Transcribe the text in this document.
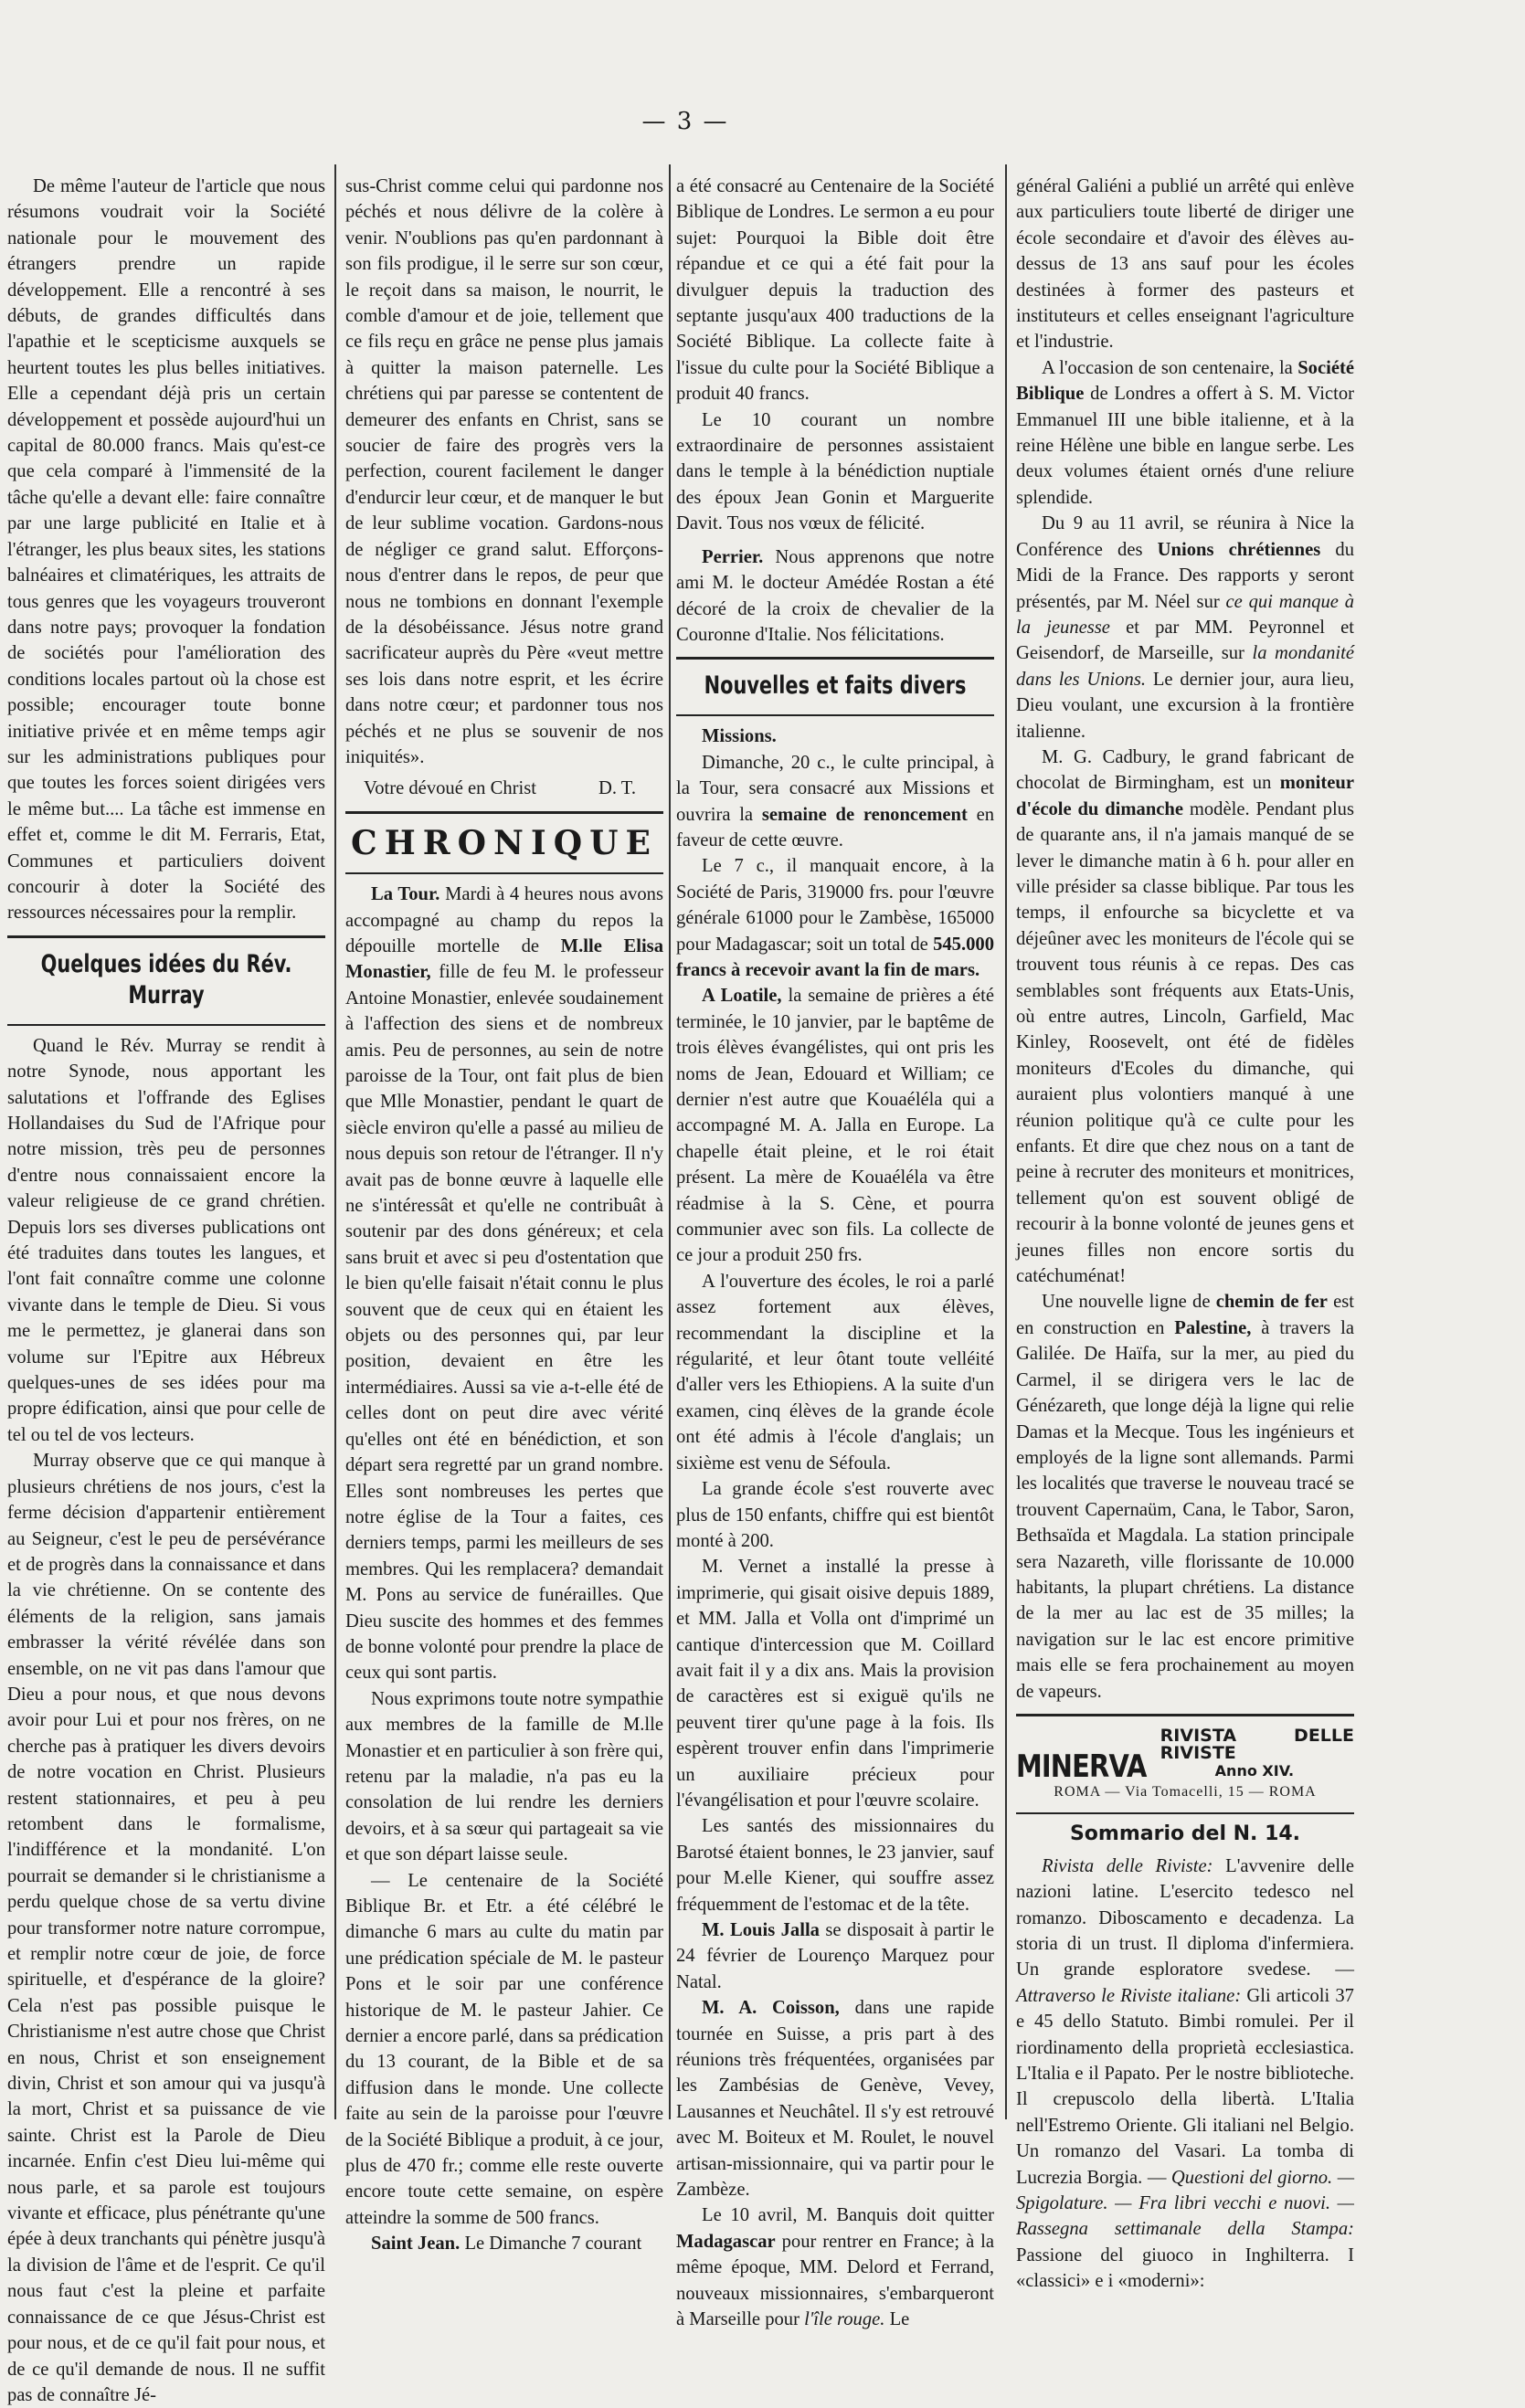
— 3 —

De même l'auteur de l'article que nous résumons voudrait voir la Société nationale pour le mouvement des étrangers prendre un rapide développement. Elle a rencontré à ses débuts, de grandes difficultés dans l'apathie et le scepticisme auxquels se heurtent toutes les plus belles initiatives. Elle a cependant déjà pris un certain développement et possède aujourd'hui un capital de 80.000 francs. Mais qu'est-ce que cela comparé à l'immensité de la tâche qu'elle a devant elle: faire connaître par une large publicité en Italie et à l'étranger, les plus beaux sites, les stations balnéaires et climatériques, les attraits de tous genres que les voyageurs trouveront dans notre pays; provoquer la fondation de sociétés pour l'amélioration des conditions locales partout où la chose est possible; encourager toute bonne initiative privée et en même temps agir sur les administrations publiques pour que toutes les forces soient dirigées vers le même but.... La tâche est immense en effet et, comme le dit M. Ferraris, Etat, Communes et particuliers doivent concourir à doter la Société des ressources nécessaires pour la remplir.

Quelques idées du Rév. Murray

Quand le Rév. Murray se rendit à notre Synode, nous apportant les salutations et l'offrande des Eglises Hollandaises du Sud de l'Afrique pour notre mission, très peu de personnes d'entre nous connaissaient encore la valeur religieuse de ce grand chrétien. Depuis lors ses diverses publications ont été traduites dans toutes les langues, et l'ont fait connaître comme une colonne vivante dans le temple de Dieu. Si vous me le permettez, je glanerai dans son volume sur l'Epitre aux Hébreux quelques-unes de ses idées pour ma propre édification, ainsi que pour celle de tel ou tel de vos lecteurs.

Murray observe que ce qui manque à plusieurs chrétiens de nos jours, c'est la ferme décision d'appartenir entièrement au Seigneur, c'est le peu de persévérance et de progrès dans la connaissance et dans la vie chrétienne. On se contente des éléments de la religion, sans jamais embrasser la vérité révélée dans son ensemble, on ne vit pas dans l'amour que Dieu a pour nous, et que nous devons avoir pour Lui et pour nos frères, on ne cherche pas à pratiquer les divers devoirs de notre vocation en Christ. Plusieurs restent stationnaires, et peu à peu retombent dans le formalisme, l'indifférence et la mondanité. L'on pourrait se demander si le christianisme a perdu quelque chose de sa vertu divine pour transformer notre nature corrompue, et remplir notre cœur de joie, de force spirituelle, et d'espérance de la gloire? Cela n'est pas possible puisque le Christianisme n'est autre chose que Christ en nous, Christ et son enseignement divin, Christ et son amour qui va jusqu'à la mort, Christ et sa puissance de vie sainte. Christ est la Parole de Dieu incarnée. Enfin c'est Dieu lui-même qui nous parle, et sa parole est toujours vivante et efficace, plus pénétrante qu'une épée à deux tranchants qui pénètre jusqu'à la division de l'âme et de l'esprit. Ce qu'il nous faut c'est la pleine et parfaite connaissance de ce que Jésus-Christ est pour nous, et de ce qu'il fait pour nous, et de ce qu'il demande de nous. Il ne suffit pas de connaître Jé-

sus-Christ comme celui qui pardonne nos péchés et nous délivre de la colère à venir. N'oublions pas qu'en pardonnant à son fils prodigue, il le serre sur son cœur, le reçoit dans sa maison, le nourrit, le comble d'amour et de joie, tellement que ce fils reçu en grâce ne pense plus jamais à quitter la maison paternelle. Les chrétiens qui par paresse se contentent de demeurer des enfants en Christ, sans se soucier de faire des progrès vers la perfection, courent facilement le danger d'endurcir leur cœur, et de manquer le but de leur sublime vocation. Gardons-nous de négliger ce grand salut. Efforçons-nous d'entrer dans le repos, de peur que nous ne tombions en donnant l'exemple de la désobéissance. Jésus notre grand sacrificateur auprès du Père «veut mettre ses lois dans notre esprit, et les écrire dans notre cœur; et pardonner tous nos péchés et ne plus se souvenir de nos iniquités».

Votre dévoué en Christ	D. T.
CHRONIQUE

La Tour. Mardi à 4 heures nous avons accompagné au champ du repos la dépouille mortelle de M.lle Elisa Monastier, fille de feu M. le professeur Antoine Monastier, enlevée soudainement à l'affection des siens et de nombreux amis. Peu de personnes, au sein de notre paroisse de la Tour, ont fait plus de bien que Mlle Monastier, pendant le quart de siècle environ qu'elle a passé au milieu de nous depuis son retour de l'étranger. Il n'y avait pas de bonne œuvre à laquelle elle ne s'intéressât et qu'elle ne contribuât à soutenir par des dons généreux; et cela sans bruit et avec si peu d'ostentation que le bien qu'elle faisait n'était connu le plus souvent que de ceux qui en étaient les objets ou des personnes qui, par leur position, devaient en être les intermédiaires. Aussi sa vie a-t-elle été de celles dont on peut dire avec vérité qu'elles ont été en bénédiction, et son départ sera regretté par un grand nombre. Elles sont nombreuses les pertes que notre église de la Tour a faites, ces derniers temps, parmi les meilleurs de ses membres. Qui les remplacera? demandait M. Pons au service de funérailles. Que Dieu suscite des hommes et des femmes de bonne volonté pour prendre la place de ceux qui sont partis.

Nous exprimons toute notre sympathie aux membres de la famille de M.lle Monastier et en particulier à son frère qui, retenu par la maladie, n'a pas eu la consolation de lui rendre les derniers devoirs, et à sa sœur qui partageait sa vie et que son départ laisse seule.

— Le centenaire de la Société Biblique Br. et Etr. a été célébré le dimanche 6 mars au culte du matin par une prédication spéciale de M. le pasteur Pons et le soir par une conférence historique de M. le pasteur Jahier. Ce dernier a encore parlé, dans sa prédication du 13 courant, de la Bible et de sa diffusion dans le monde. Une collecte faite au sein de la paroisse pour l'œuvre de la Société Biblique a produit, à ce jour, plus de 470 fr.; comme elle reste ouverte encore toute cette semaine, on espère atteindre la somme de 500 francs.

Saint Jean. Le Dimanche 7 courant

a été consacré au Centenaire de la Société Biblique de Londres. Le sermon a eu pour sujet: Pourquoi la Bible doit être répandue et ce qui a été fait pour la divulguer depuis la traduction des septante jusqu'aux 400 traductions de la Société Biblique. La collecte faite à l'issue du culte pour la Société Biblique a produit 40 francs.

Le 10 courant un nombre extraordinaire de personnes assistaient dans le temple à la bénédiction nuptiale des époux Jean Gonin et Marguerite Davit. Tous nos vœux de félicité.

Perrier. Nous apprenons que notre ami M. le docteur Amédée Rostan a été décoré de la croix de chevalier de la Couronne d'Italie. Nos félicitations.

Nouvelles et faits divers

Missions.

Dimanche, 20 c., le culte principal, à la Tour, sera consacré aux Missions et ouvrira la semaine de renoncement en faveur de cette œuvre.

Le 7 c., il manquait encore, à la Société de Paris, 319000 frs. pour l'œuvre générale 61000 pour le Zambèse, 165000 pour Madagascar; soit un total de 545.000 francs à recevoir avant la fin de mars.

A Loatile, la semaine de prières a été terminée, le 10 janvier, par le baptême de trois élèves évangélistes, qui ont pris les noms de Jean, Edouard et William; ce dernier n'est autre que Kouaéléla qui a accompagné M. A. Jalla en Europe. La chapelle était pleine, et le roi était présent. La mère de Kouaéléla va être réadmise à la S. Cène, et pourra communier avec son fils. La collecte de ce jour a produit 250 frs.

A l'ouverture des écoles, le roi a parlé assez fortement aux élèves, recommendant la discipline et la régularité, et leur ôtant toute velléité d'aller vers les Ethiopiens. A la suite d'un examen, cinq élèves de la grande école ont été admis à l'école d'anglais; un sixième est venu de Séfoula.

La grande école s'est rouverte avec plus de 150 enfants, chiffre qui est bientôt monté à 200.

M. Vernet a installé la presse à imprimerie, qui gisait oisive depuis 1889, et MM. Jalla et Volla ont d'imprimé un cantique d'intercession que M. Coillard avait fait il y a dix ans. Mais la provision de caractères est si exiguë qu'ils ne peuvent tirer qu'une page à la fois. Ils espèrent trouver enfin dans l'imprimerie un auxiliaire précieux pour l'évangélisation et pour l'œuvre scolaire.

Les santés des missionnaires du Barotsé étaient bonnes, le 23 janvier, sauf pour M.elle Kiener, qui souffre assez fréquemment de l'estomac et de la tête.

M. Louis Jalla se disposait à partir le 24 février de Lourenço Marquez pour Natal.

M. A. Coisson, dans une rapide tournée en Suisse, a pris part à des réunions très fréquentées, organisées par les Zambésias de Genève, Vevey, Lausannes et Neuchâtel. Il s'y est retrouvé avec M. Boiteux et M. Roulet, le nouvel artisan-missionnaire, qui va partir pour le Zambèze.

Le 10 avril, M. Banquis doit quitter Madagascar pour rentrer en France; à la même époque, MM. Delord et Ferrand, nouveaux missionnaires, s'embarqueront à Marseille pour l'île rouge. Le

général Galiéni a publié un arrêté qui enlève aux particuliers toute liberté de diriger une école secondaire et d'avoir des élèves au-dessus de 13 ans sauf pour les écoles destinées à former des pasteurs et instituteurs et celles enseignant l'agriculture et l'industrie.

A l'occasion de son centenaire, la Société Biblique de Londres a offert à S. M. Victor Emmanuel III une bible italienne, et à la reine Hélène une bible en langue serbe. Les deux volumes étaient ornés d'une reliure splendide.

Du 9 au 11 avril, se réunira à Nice la Conférence des Unions chrétiennes du Midi de la France. Des rapports y seront présentés, par M. Néel sur ce qui manque à la jeunesse et par MM. Peyronnel et Geisendorf, de Marseille, sur la mondanité dans les Unions. Le dernier jour, aura lieu, Dieu voulant, une excursion à la frontière italienne.

M. G. Cadbury, le grand fabricant de chocolat de Birmingham, est un moniteur d'école du dimanche modèle. Pendant plus de quarante ans, il n'a jamais manqué de se lever le dimanche matin à 6 h. pour aller en ville présider sa classe biblique. Par tous les temps, il enfourche sa bicyclette et va déjeûner avec les moniteurs de l'école qui se trouvent tous réunis à ce repas. Des cas semblables sont fréquents aux Etats-Unis, où entre autres, Lincoln, Garfield, Mac Kinley, Roosevelt, ont été de fidèles moniteurs d'Ecoles du dimanche, qui auraient plus volontiers manqué à une réunion politique qu'à ce culte pour les enfants. Et dire que chez nous on a tant de peine à recruter des moniteurs et monitrices, tellement qu'on est souvent obligé de recourir à la bonne volonté de jeunes gens et jeunes filles non encore sortis du catéchuménat!

Une nouvelle ligne de chemin de fer est en construction en Palestine, à travers la Galilée. De Haïfa, sur la mer, au pied du Carmel, il se dirigera vers le lac de Génézareth, que longe déjà la ligne qui relie Damas et la Mecque. Tous les ingénieurs et employés de la ligne sont allemands. Parmi les localités que traverse le nouveau tracé se trouvent Capernaüm, Cana, le Tabor, Saron, Bethsaïda et Magdala. La station principale sera Nazareth, ville florissante de 10.000 habitants, la plupart chrétiens. La distance de la mer au lac est de 35 milles; la navigation sur le lac est encore primitive mais elle se fera prochainement au moyen de vapeurs.

MINERVA
RIVISTA DELLE RIVISTE
Anno XIV.
ROMA — Via Tomacelli, 15 — ROMA
Sommario del N. 14.

Rivista delle Riviste: L'avvenire delle nazioni latine. L'esercito tedesco nel romanzo. Diboscamento e decadenza. La storia di un trust. Il diploma d'infermiera. Un grande esploratore svedese. — Attraverso le Riviste italiane: Gli articoli 37 e 45 dello Statuto. Bimbi romulei. Per il riordinamento della proprietà ecclesiastica. L'Italia e il Papato. Per le nostre biblioteche. Il crepuscolo della libertà. L'Italia nell'Estremo Oriente. Gli italiani nel Belgio. Un romanzo del Vasari. La tomba di Lucrezia Borgia. — Questioni del giorno. — Spigolature. — Fra libri vecchi e nuovi. — Rassegna settimanale della Stampa: Passione del giuoco in Inghilterra. I «classici» e i «moderni»:
